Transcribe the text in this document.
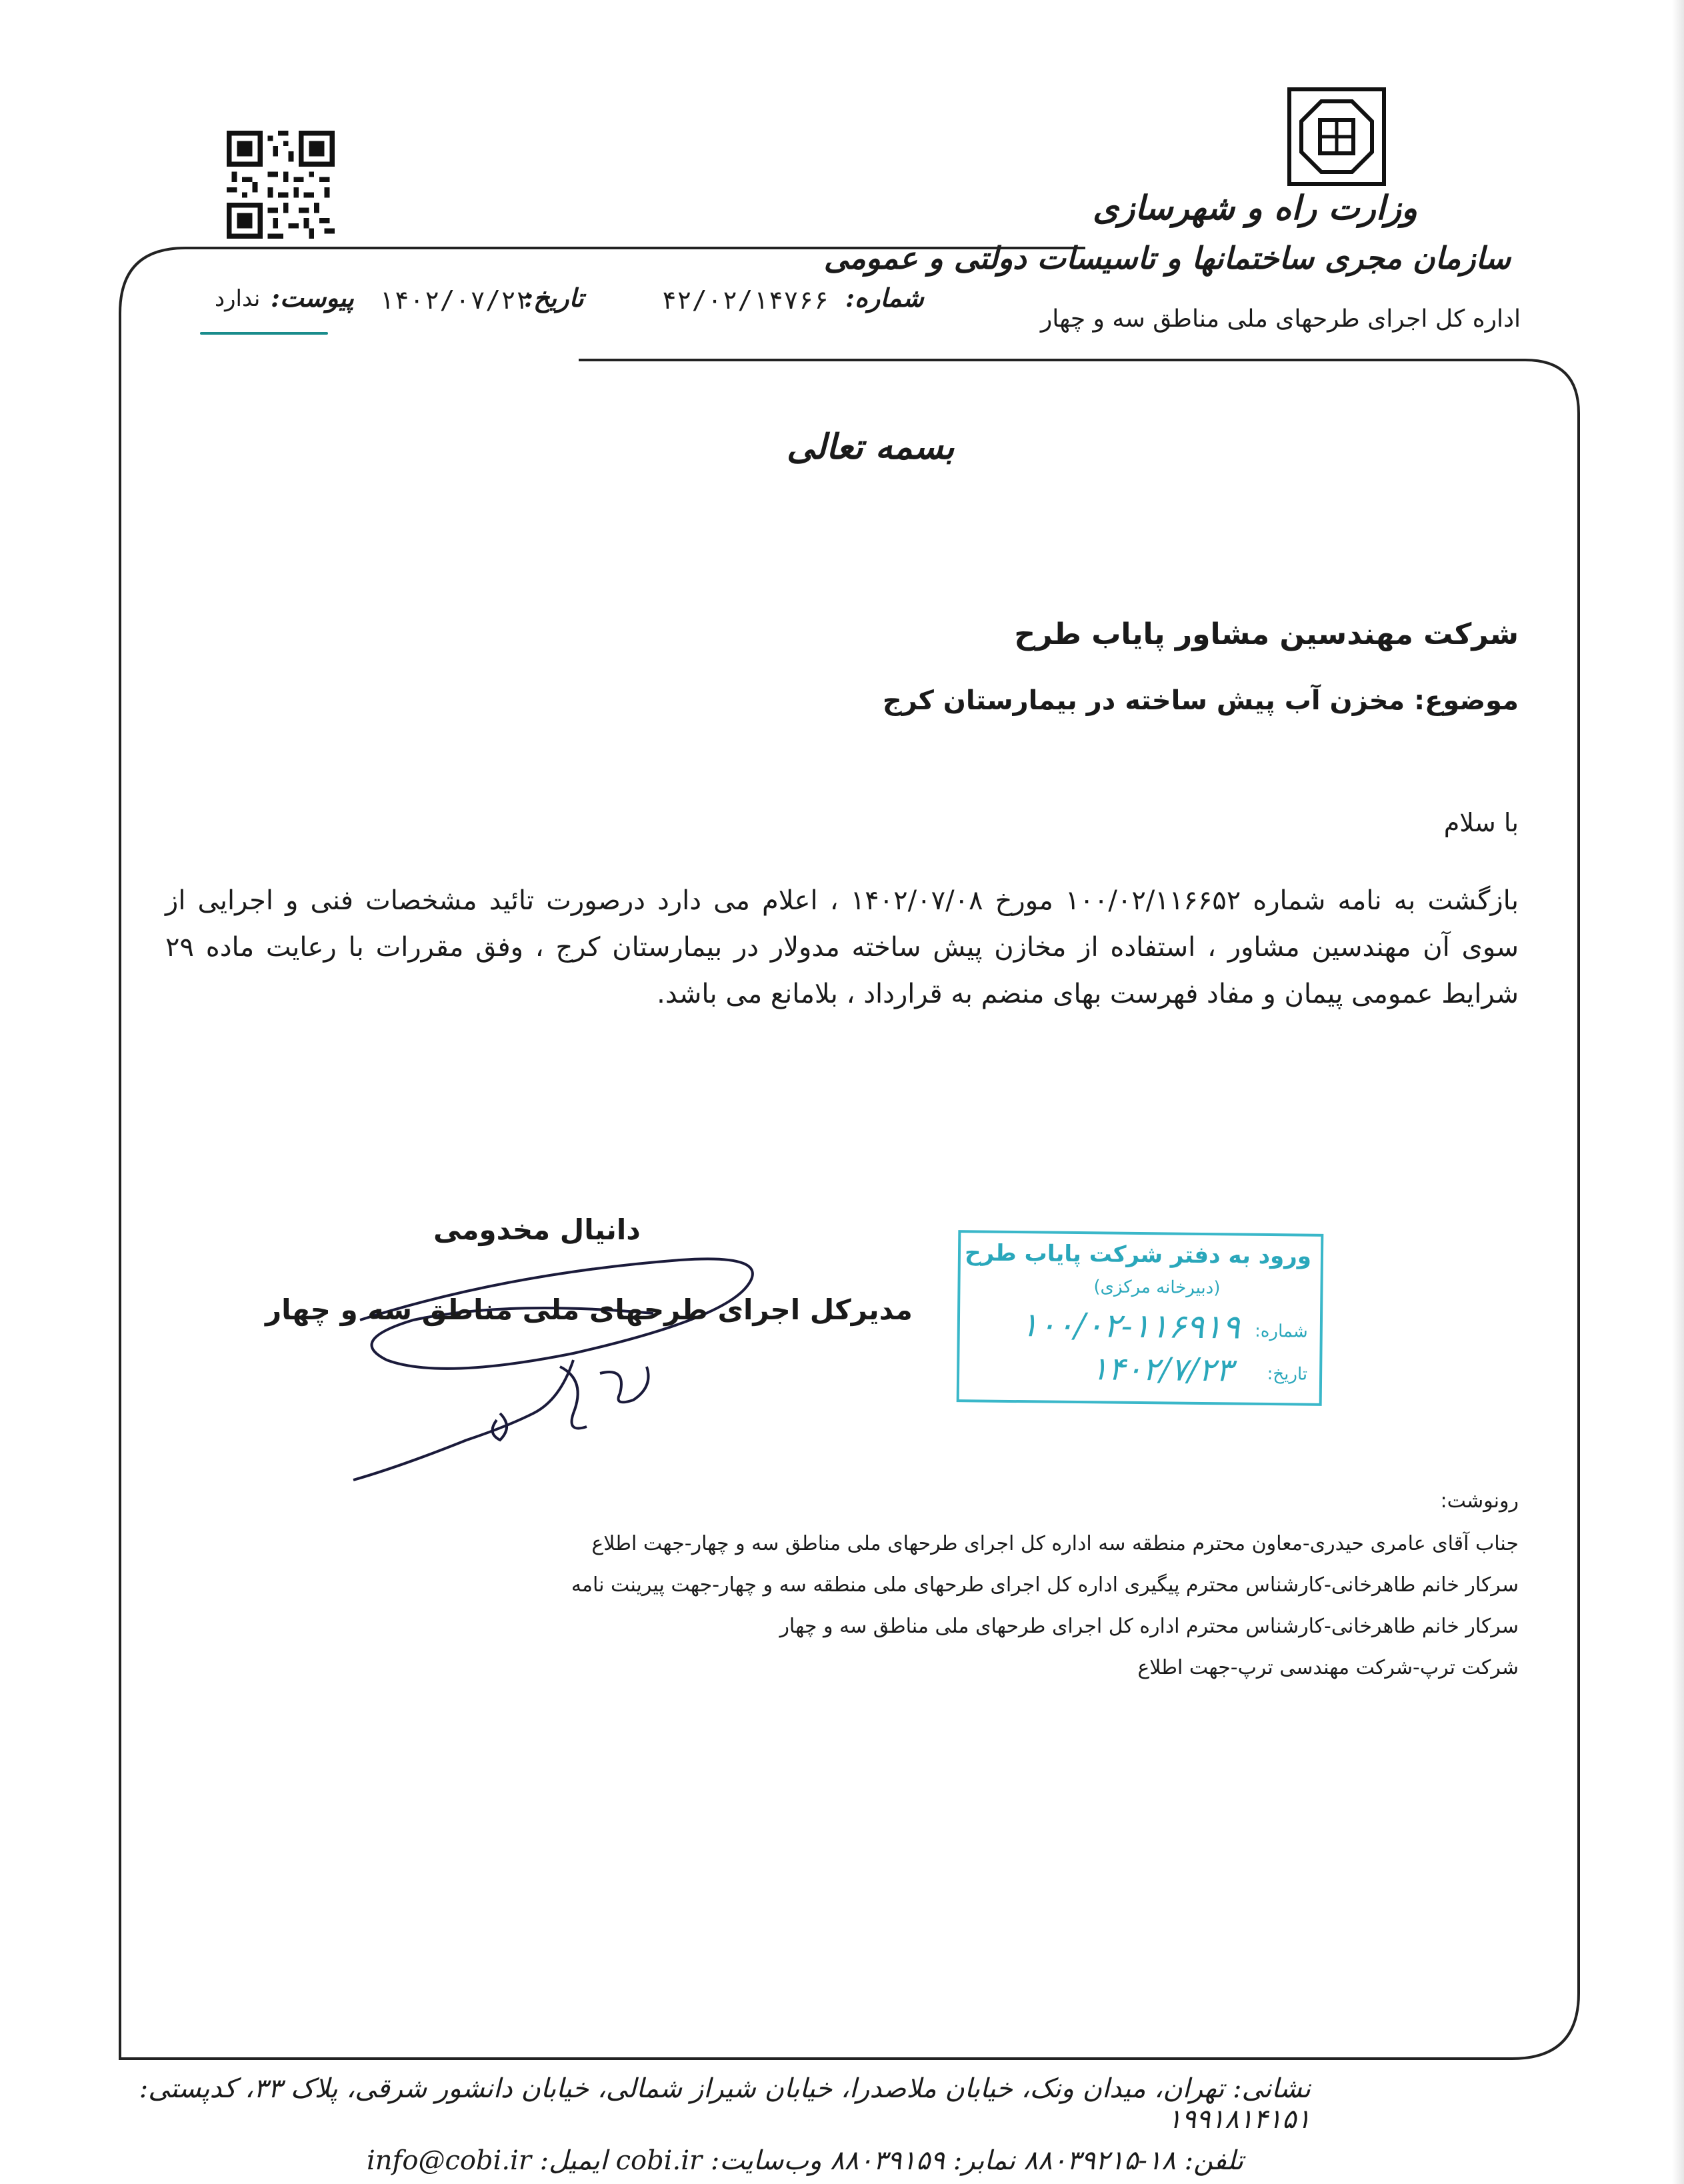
وزارت راه و شهرسازی
سازمان مجری ساختمانها و تاسیسات دولتی و عمومی
اداره کل اجرای طرحهای ملی مناطق سه و چهار
شماره:
۴۲/۰۲/۱۴۷۶۶
تاریخ:
۱۴۰۲/۰۷/۲۲
پیوست:
ندارد
بسمه تعالی
شرکت مهندسین مشاور پایاب طرح
موضوع: مخزن آب پیش ساخته در بیمارستان کرج
با سلام
بازگشت به نامه شماره ۱۰۰/۰۲/۱۱۶۶۵۲ مورخ ۱۴۰۲/۰۷/۰۸ ، اعلام می دارد درصورت تائید مشخصات فنی و اجرایی از سوی آن مهندسین مشاور ، استفاده از مخازن پیش ساخته مدولار در بیمارستان کرج ، وفق مقررات با رعایت ماده ۲۹ شرایط عمومی پیمان و مفاد فهرست بهای منضم به قرارداد ، بلامانع می باشد.
دانیال مخدومی
مدیرکل اجرای طرحهای ملی مناطق سه و چهار
ورود به دفتر شرکت پایاب طرح
(دبیرخانه مرکزی)
شماره:
۱۰۰/۰۲-۱۱۶۹۱۹
تاریخ:
۱۴۰۲/۷/۲۳
رونوشت:
جناب آقای عامری حیدری-معاون محترم منطقه سه اداره کل اجرای طرحهای ملی مناطق سه و چهار-جهت اطلاع
سرکار خانم طاهرخانی-کارشناس محترم پیگیری اداره کل اجرای طرحهای ملی منطقه سه و چهار-جهت پیرینت نامه
سرکار خانم طاهرخانی-کارشناس محترم اداره کل اجرای طرحهای ملی مناطق سه و چهار
شرکت ترپ-شرکت مهندسی ترپ-جهت اطلاع
نشانی: تهران، میدان ونک، خیابان ملاصدرا، خیابان شیراز شمالی، خیابان دانشور شرقی، پلاک ۳۳، کدپستی: ۱۹۹۱۸۱۴۱۵۱
تلفن: ۱۸-۸۸۰۳۹۲۱۵ نمابر: ۸۸۰۳۹۱۵۹ وب‌سایت: cobi.ir ایمیل: info@cobi.ir
